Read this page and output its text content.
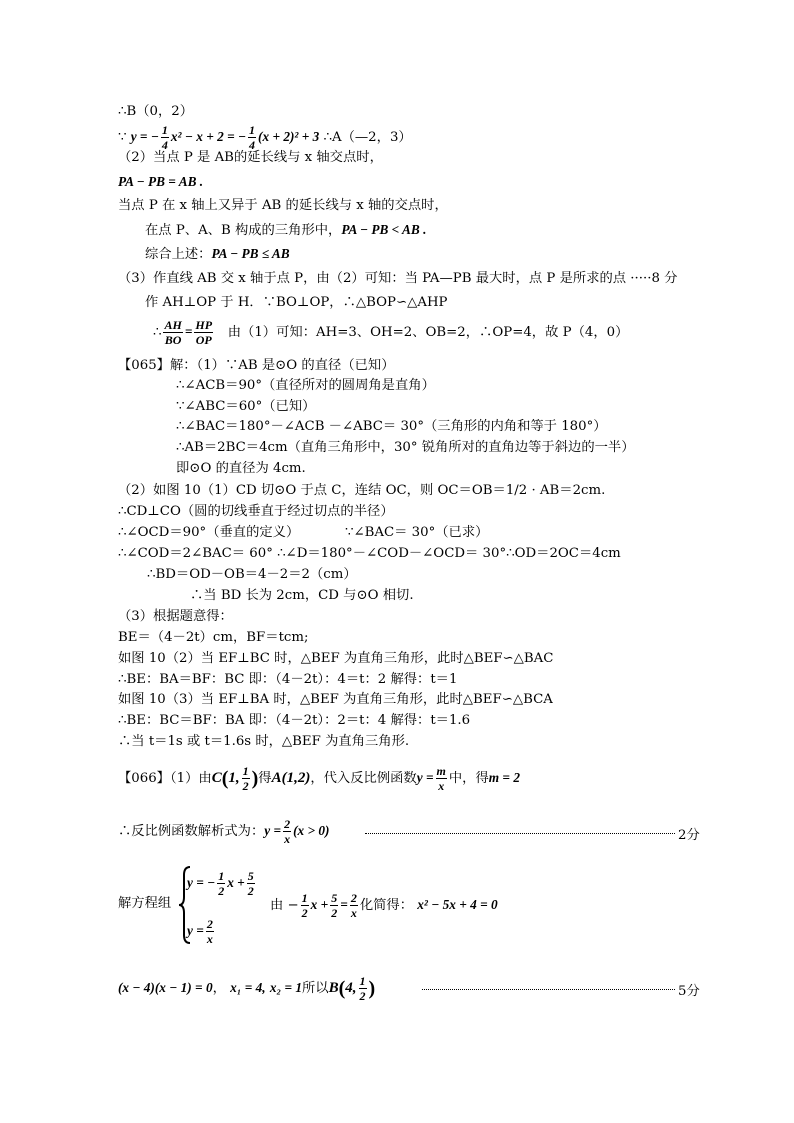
∴B（0，2）
∵ y = − $\frac{1}{4} x^2 - x + 2$ = − $\frac{1}{4} (x + 2)^2 + 3$ ∴A（—2，3）
（2）当点 P 是 AB的延长线与 x 轴交点时，
PA − PB = AB .
当点 P 在 x 轴上又异于 AB 的延长线与 x 轴的交点时，
在点 P、A、B 构成的三角形中，PA − PB < AB .
综合上述：PA − PB ≤ AB
（3）作直线 AB 交 x 轴于点 P，由（2）可知：当 PA—PB 最大时，点 P 是所求的点 ·····8 分
作 AH⊥OP 于 H．∵BO⊥OP，∴△BOP∽△AHP
∴ $\frac{AH}{BO} = \frac{HP}{OP}$ 由（1）可知：AH=3、OH=2、OB=2，∴OP=4，故 P（4，0）
【065】解：（1）∵AB 是⊙O 的直径（已知）
∴∠ACB＝90°（直径所对的圆周角是直角）
∵∠ABC＝60°（已知）
∴∠BAC＝180°－∠ACB －∠ABC＝ 30°（三角形的内角和等于 180°）
∴AB＝2BC＝4cm（直角三角形中，30° 锐角所对的直角边等于斜边的一半）
即⊙O 的直径为 4cm.
（2）如图 10（1）CD 切⊙O 于点 C，连结 OC，则 OC＝OB＝1/2 · AB＝2cm.
∴CD⊥CO（圆的切线垂直于经过切点的半径）
∴∠OCD＝90°（垂直的定义）	∵∠BAC＝ 30°（已求）
∴∠COD＝2∠BAC＝ 60° ∴∠D＝180°－∠COD－∠OCD＝ 30°∴OD＝2OC＝4cm
∴BD＝OD－OB＝4－2＝2（cm）
∴当 BD 长为 2cm，CD 与⊙O 相切.
（3）根据题意得：
BE＝（4－2t）cm，BF＝tcm;
如图 10（2）当 EF⊥BC 时，△BEF 为直角三角形，此时△BEF∽△BAC
∴BE：BA＝BF：BC 即：（4－2t）：4＝t：2 解得：t＝1
如图 10（3）当 EF⊥BA 时，△BEF 为直角三角形，此时△BEF∽△BCA
∴BE：BC＝BF：BA 即：（4－2t）：2＝t：4 解得：t＝1.6
∴当 t＝1s 或 t＝1.6s 时，△BEF 为直角三角形.
【066】（1）由C(1, $\frac{1}{2}$ )得A(1,2)，代入反比例函数$y = \frac{m}{x}$ 中，得m = 2
∴反比例函数解析式为：$y = \frac{2}{x} (x > 0)$	2分
解方程组
y = − $\frac{1}{2}$ $x + \frac{5}{2}$
$y = \frac{2}{x}$
由 − $\frac{1}{2}$ $x + \frac{5}{2} = \frac{2}{x}$ 化简得： x² − 5x + 4 = 0
(x − 4)(x − 1) = 0， x₁ = 4, x₂ = 1所以B(4, $\frac{1}{2}$ )	5分
